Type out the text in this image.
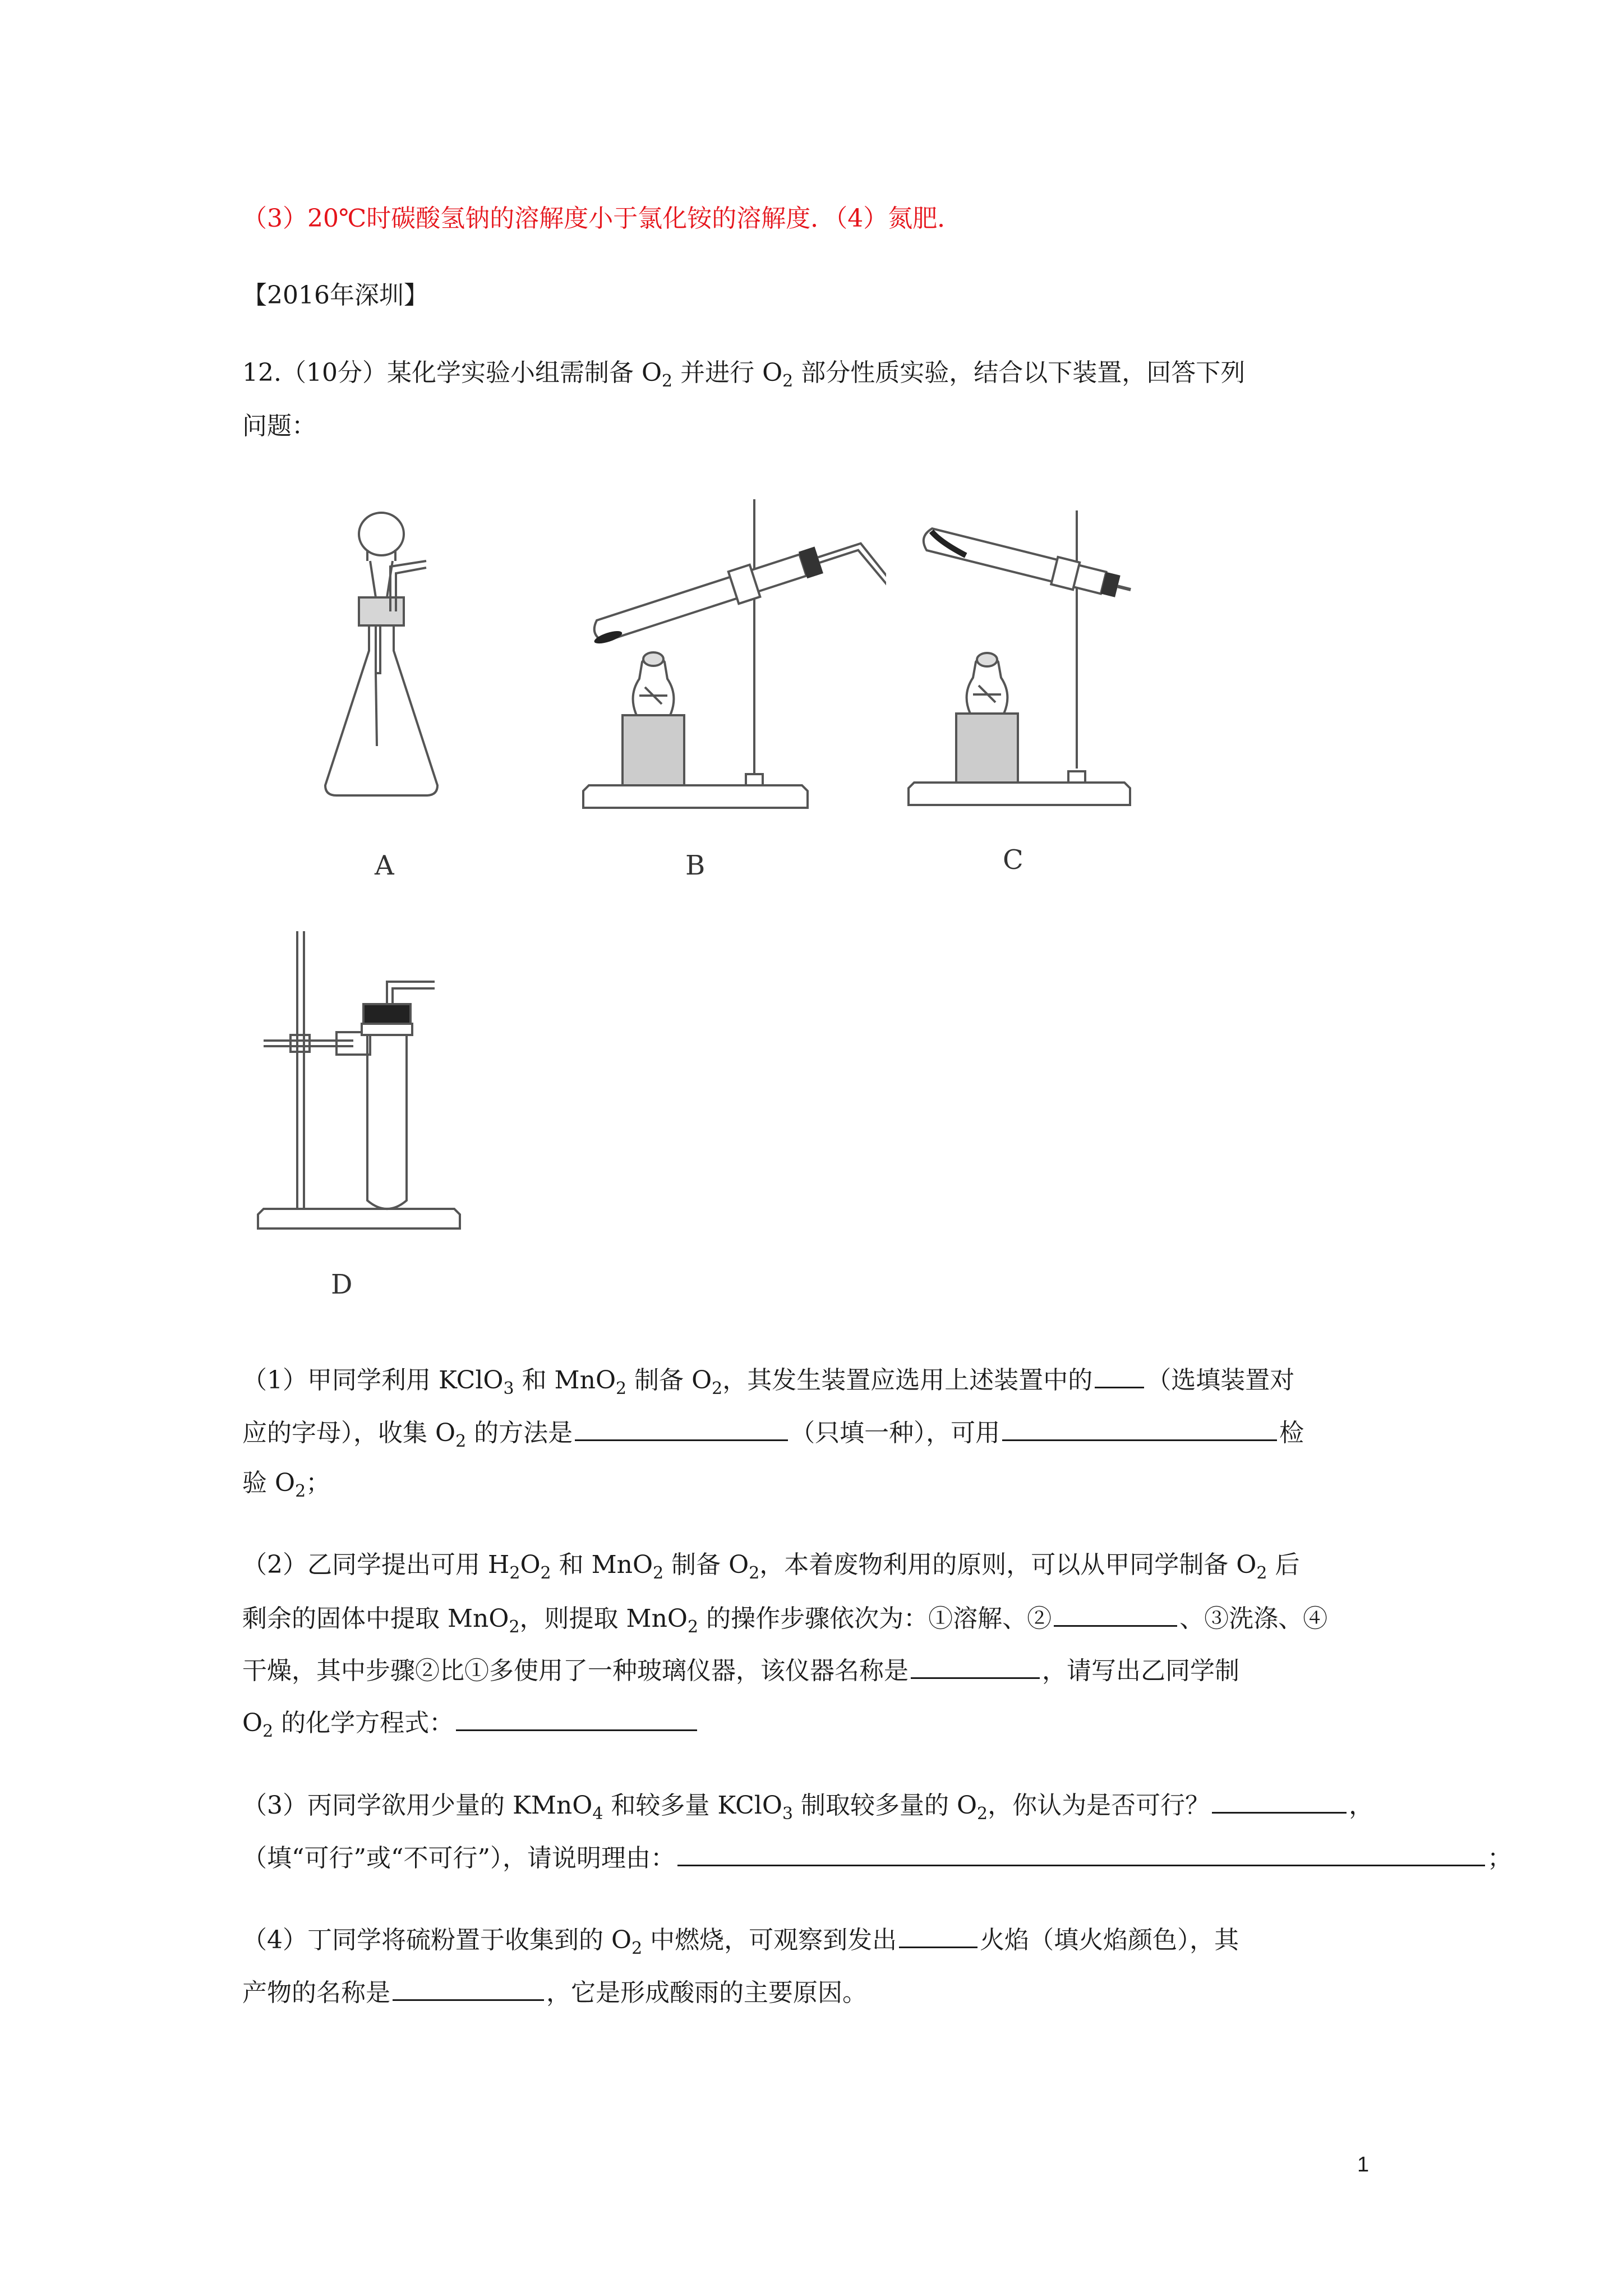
（3）20℃时碳酸氢钠的溶解度小于氯化铵的溶解度．（4）氮肥．
【2016年深圳】
12.（10分）某化学实验小组需制备 $O_2$ 并进行 $O_2$ 部分性质实验，结合以下装置，回答下列
问题：
A	B	C
D
（1）甲同学利用 KClO$_3$ 和 MnO$_2$ 制备 $O_2$，其发生装置应选用上述装置中的 （选填装置对
应的字母），收集 $O_2$ 的方法是	（只填一种），可用	检
验 $O_2$；
（2）乙同学提出可用 $H_2O_2$ 和 MnO$_2$ 制备 $O_2$，本着废物利用的原则，可以从甲同学制备 $O_2$ 后
剩余的固体中提取 MnO$_2$，则提取 MnO$_2$ 的操作步骤依次为：①溶解、②	、③洗涤、④
干燥，其中步骤②比①多使用了一种玻璃仪器，该仪器名称是	，请写出乙同学制
$O_2$ 的化学方程式：
（3）丙同学欲用少量的 KMnO$_4$ 和较多量 KClO$_3$ 制取较多量的 $O_2$，你认为是否可行？	，
（填“可行”或“不可行”），请说明理由：	；
（4）丁同学将硫粉置于收集到的 $O_2$ 中燃烧，可观察到发出	火焰（填火焰颜色），其
产物的名称是	，它是形成酸雨的主要原因。
1
